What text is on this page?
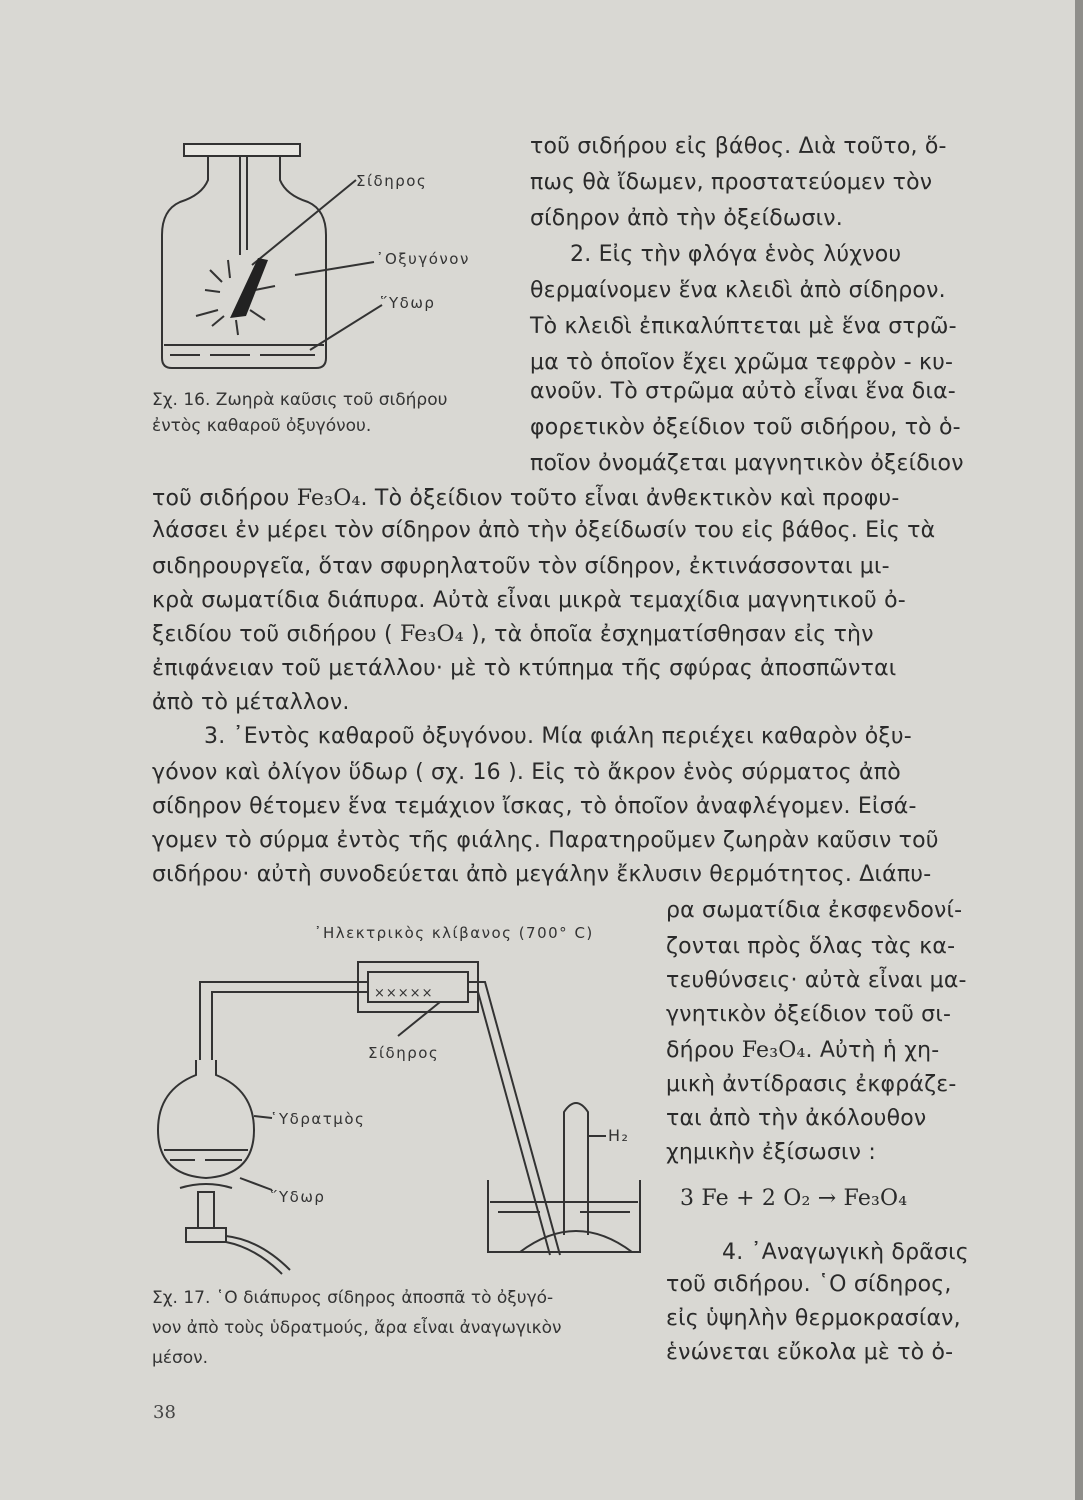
Σίδηρος
᾿Οξυγόνον
῞Υδωρ
Σχ. 16. Ζωηρὰ καῦσις τοῦ σιδήρου
ἐντὸς καθαροῦ ὀξυγόνου.
τοῦ σιδήρου εἰς βάθος. Διὰ τοῦτο, ὅ-
πως θὰ ἴδωμεν, προστατεύομεν τὸν
σίδηρον ἀπὸ τὴν ὀξείδωσιν.
2. Εἰς τὴν φλόγα ἑνὸς λύχνου
θερμαίνομεν ἕνα κλειδὶ ἀπὸ σίδηρον.
Τὸ κλειδὶ ἐπικαλύπτεται μὲ ἕνα στρῶ-
μα τὸ ὁποῖον ἔχει χρῶμα τεφρὸν - κυ-
ανοῦν. Τὸ στρῶμα αὐτὸ εἶναι ἕνα δια-
φορετικὸν ὀξείδιον τοῦ σιδήρου, τὸ ὁ-
ποῖον ὀνομάζεται μαγνητικὸν ὀξείδιον
τοῦ σιδήρου Fe₃O₄. Τὸ ὀξείδιον τοῦτο εἶναι ἀνθεκτικὸν καὶ προφυ-
λάσσει ἐν μέρει τὸν σίδηρον ἀπὸ τὴν ὀξείδωσίν του εἰς βάθος. Εἰς τὰ
σιδηρουργεῖα, ὅταν σφυρηλατοῦν τὸν σίδηρον, ἐκτινάσσονται μι-
κρὰ σωματίδια διάπυρα. Αὐτὰ εἶναι μικρὰ τεμαχίδια μαγνητικοῦ ὀ-
ξειδίου τοῦ σιδήρου ( Fe₃O₄ ), τὰ ὁποῖα ἐσχηματίσθησαν εἰς τὴν
ἐπιφάνειαν τοῦ μετάλλου· μὲ τὸ κτύπημα τῆς σφύρας ἀποσπῶνται
ἀπὸ τὸ μέταλλον.
3. ᾿Εντὸς καθαροῦ ὀξυγόνου. Μία φιάλη περιέχει καθαρὸν ὀξυ-
γόνον καὶ ὀλίγον ὕδωρ ( σχ. 16 ). Εἰς τὸ ἄκρον ἑνὸς σύρματος ἀπὸ
σίδηρον θέτομεν ἕνα τεμάχιον ἴσκας, τὸ ὁποῖον ἀναφλέγομεν. Εἰσά-
γομεν τὸ σύρμα ἐντὸς τῆς φιάλης. Παρατηροῦμεν ζωηρὰν καῦσιν τοῦ
σιδήρου· αὐτὴ συνοδεύεται ἀπὸ μεγάλην ἔκλυσιν θερμότητος. Διάπυ-
ρα σωματίδια ἐκσφενδονί-
ζονται πρὸς ὅλας τὰς κα-
τευθύνσεις· αὐτὰ εἶναι μα-
γνητικὸν ὀξείδιον τοῦ σι-
δήρου Fe₃O₄. Αὐτὴ ἡ χη-
μικὴ ἀντίδρασις ἐκφράζε-
ται ἀπὸ τὴν ἀκόλουθον
χημικὴν ἐξίσωσιν :
3 Fe + 2 O₂ → Fe₃O₄
4. ᾿Αναγωγικὴ δρᾶσις
τοῦ σιδήρου. ῾Ο σίδηρος,
εἰς ὑψηλὴν θερμοκρασίαν,
ἑνώνεται εὔκολα μὲ τὸ ὀ-
᾿Ηλεκτρικὸς κλίβανος (700° C)
×××××
Σίδηρος
῾Υδρατμὸς
῞Υδωρ
H₂
Σχ. 17. ῾Ο διάπυρος σίδηρος ἀποσπᾶ τὸ ὀξυγό-
νον ἀπὸ τοὺς ὑδρατμούς, ἄρα εἶναι ἀναγωγικὸν
μέσον.
38
